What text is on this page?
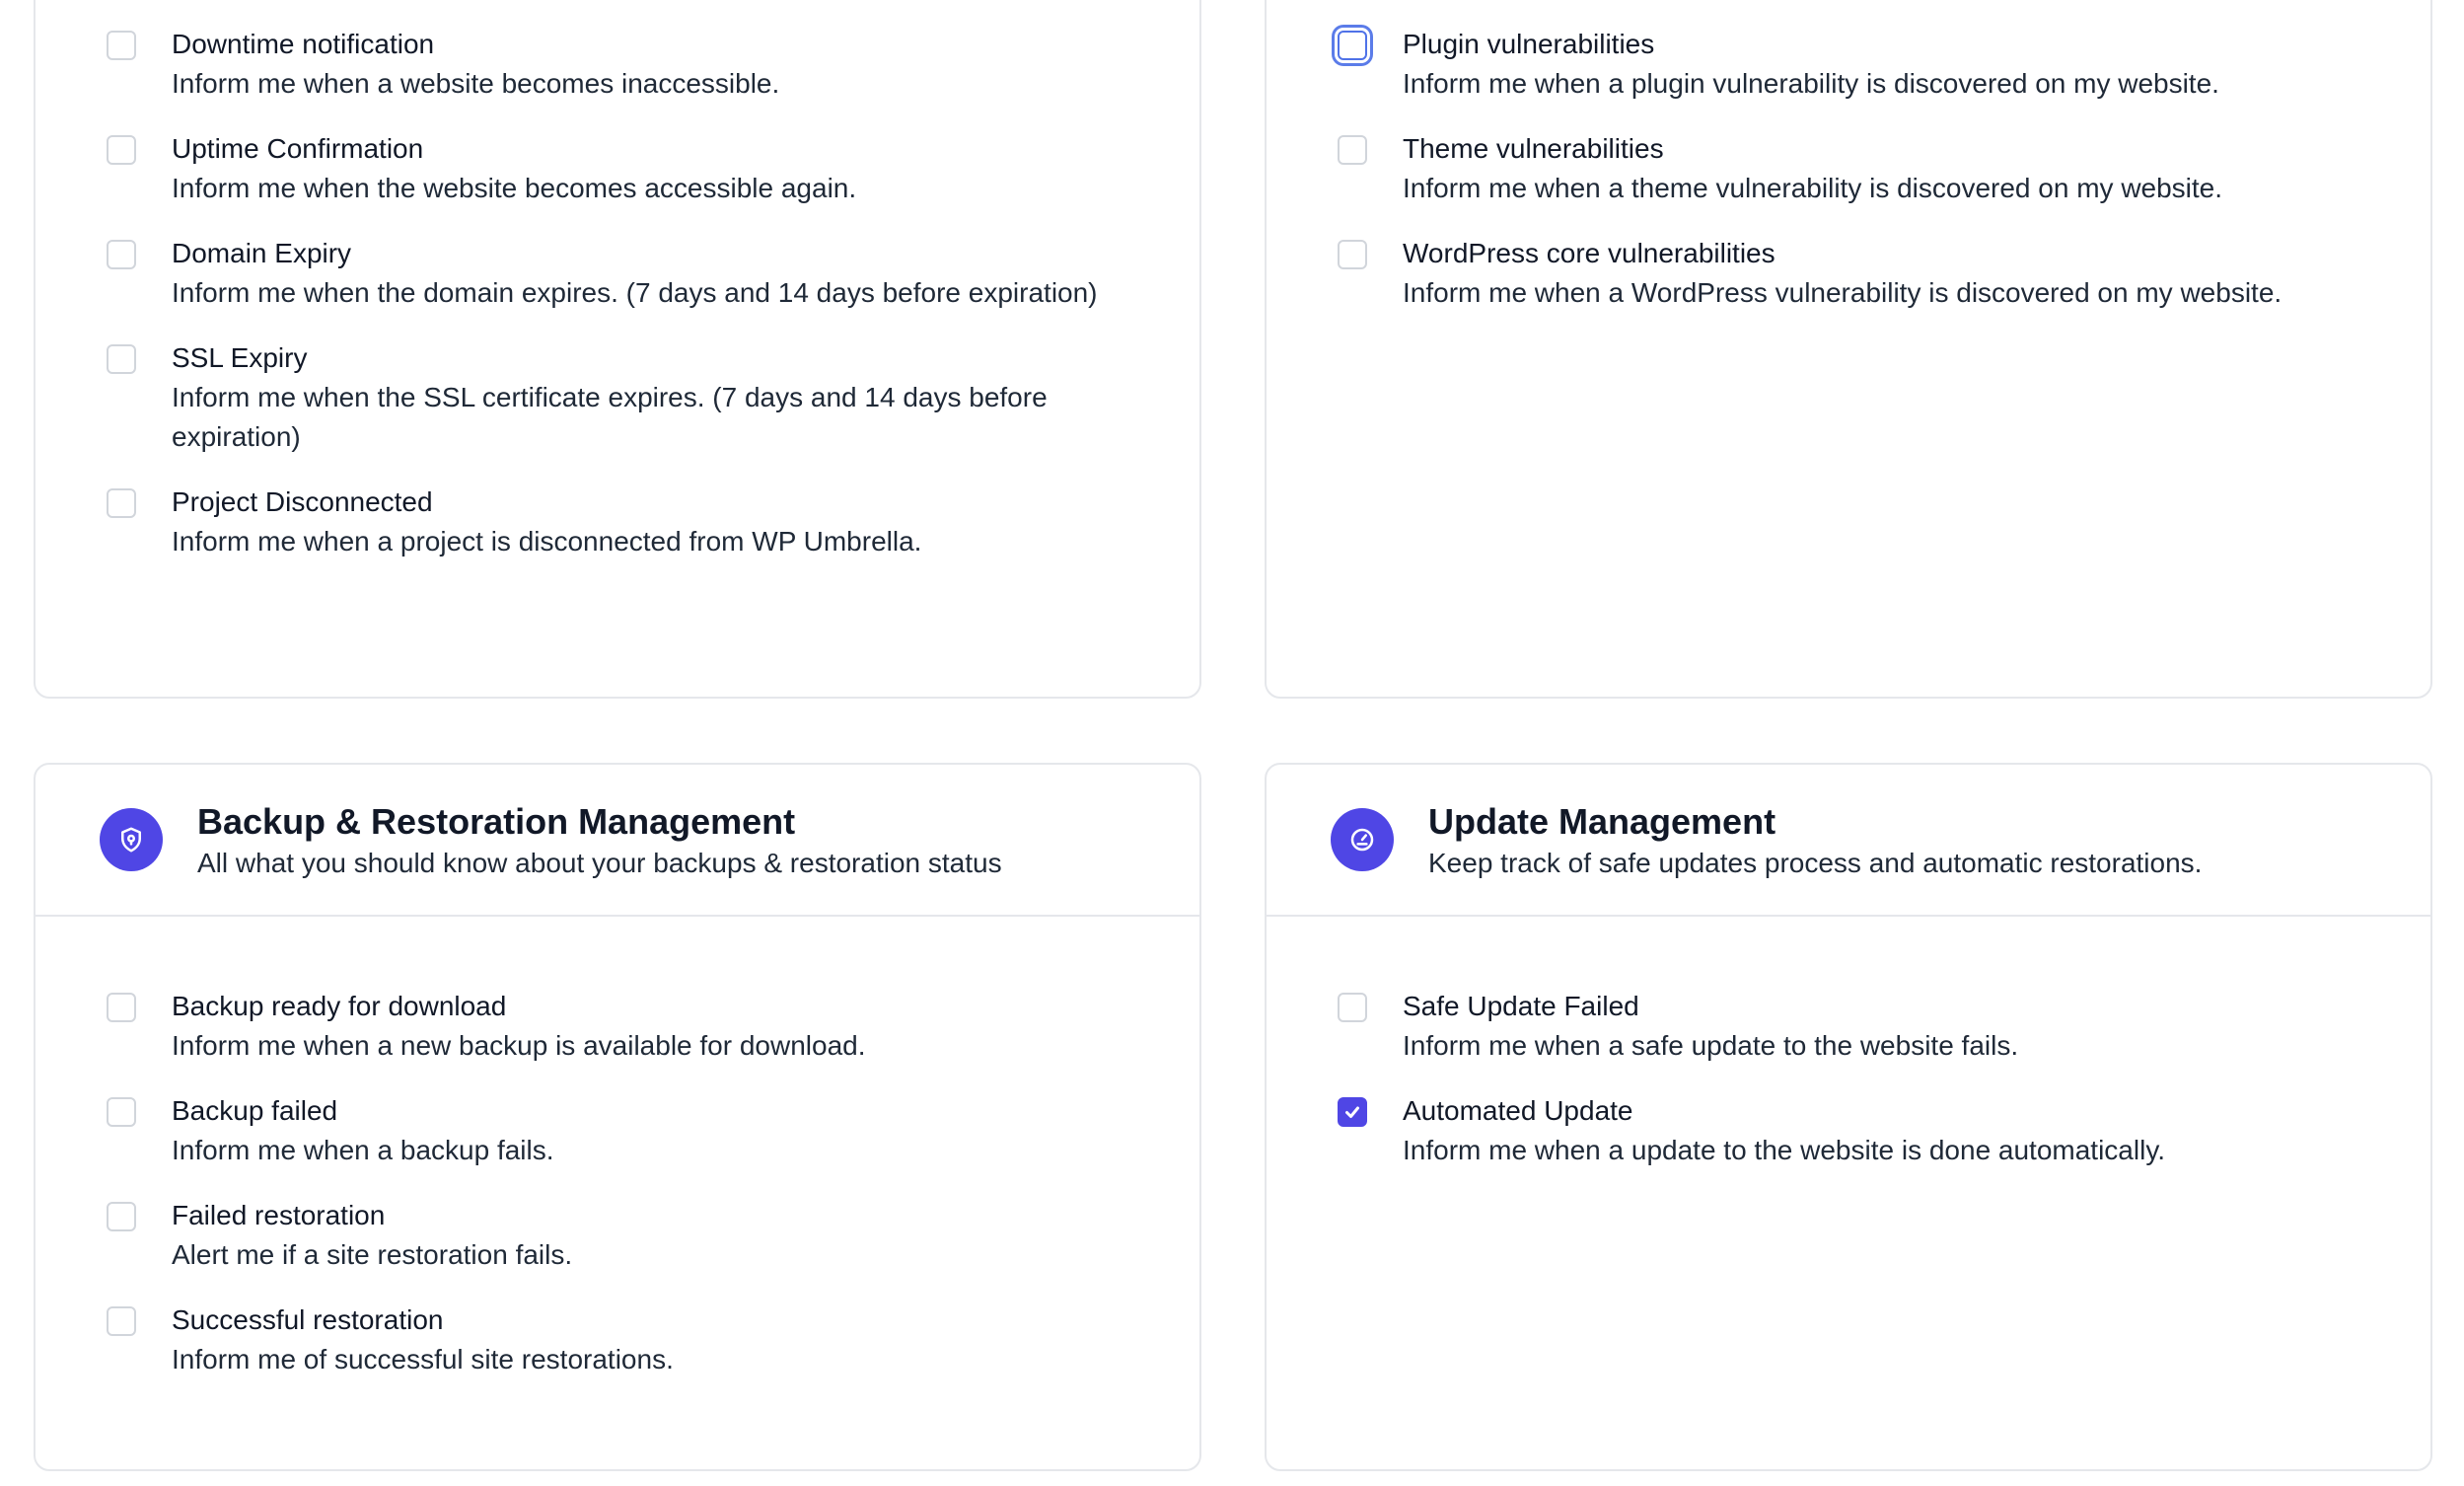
Downtime notification
Inform me when a website becomes inaccessible.
Uptime Confirmation
Inform me when the website becomes accessible again.
Domain Expiry
Inform me when the domain expires. (7 days and 14 days before expiration)
SSL Expiry
Inform me when the SSL certificate expires. (7 days and 14 days before expiration)
Project Disconnected
Inform me when a project is disconnected from WP Umbrella.
Plugin vulnerabilities
Inform me when a plugin vulnerability is discovered on my website.
Theme vulnerabilities
Inform me when a theme vulnerability is discovered on my website.
WordPress core vulnerabilities
Inform me when a WordPress vulnerability is discovered on my website.
Backup & Restoration Management
All what you should know about your backups & restoration status
Backup ready for download
Inform me when a new backup is available for download.
Backup failed
Inform me when a backup fails.
Failed restoration
Alert me if a site restoration fails.
Successful restoration
Inform me of successful site restorations.
Update Management
Keep track of safe updates process and automatic restorations.
Safe Update Failed
Inform me when a safe update to the website fails.
Automated Update
Inform me when a update to the website is done automatically.
